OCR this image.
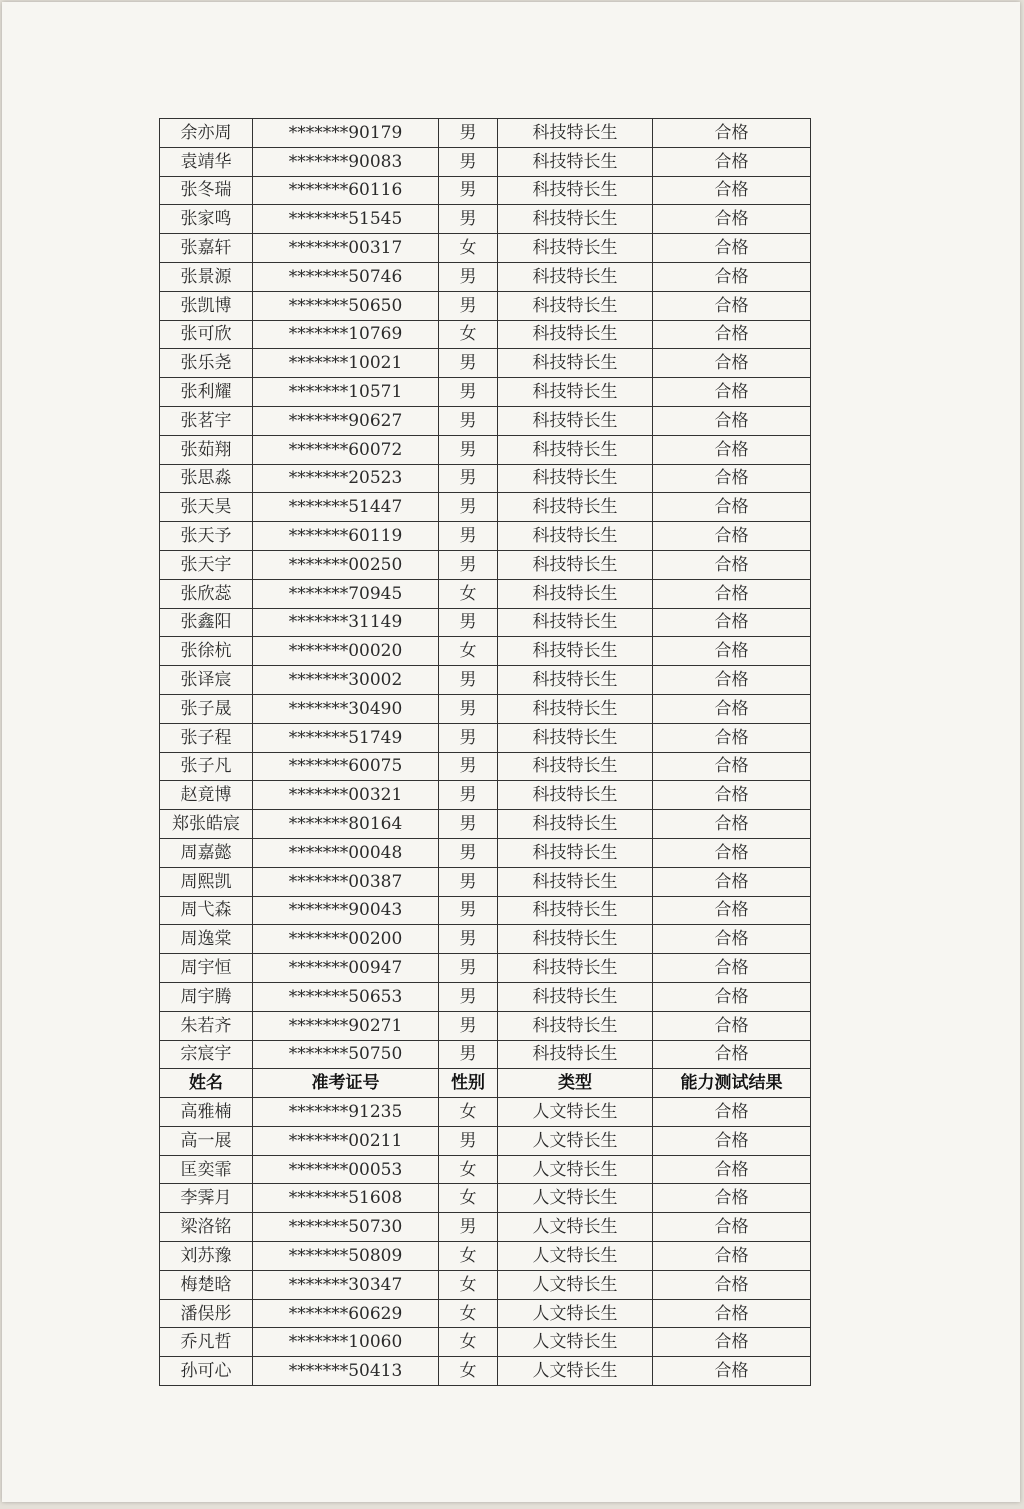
余亦周	*******90179	男	科技特长生	合格
袁靖华	*******90083	男	科技特长生	合格
张冬瑞	*******60116	男	科技特长生	合格
张家鸣	*******51545	男	科技特长生	合格
张嘉轩	*******00317	女	科技特长生	合格
张景源	*******50746	男	科技特长生	合格
张凯博	*******50650	男	科技特长生	合格
张可欣	*******10769	女	科技特长生	合格
张乐尧	*******10021	男	科技特长生	合格
张利耀	*******10571	男	科技特长生	合格
张茗宇	*******90627	男	科技特长生	合格
张茹翔	*******60072	男	科技特长生	合格
张思淼	*******20523	男	科技特长生	合格
张天昊	*******51447	男	科技特长生	合格
张天予	*******60119	男	科技特长生	合格
张天宇	*******00250	男	科技特长生	合格
张欣蕊	*******70945	女	科技特长生	合格
张鑫阳	*******31149	男	科技特长生	合格
张徐杭	*******00020	女	科技特长生	合格
张译宸	*******30002	男	科技特长生	合格
张子晟	*******30490	男	科技特长生	合格
张子程	*******51749	男	科技特长生	合格
张子凡	*******60075	男	科技特长生	合格
赵竟博	*******00321	男	科技特长生	合格
郑张皓宸	*******80164	男	科技特长生	合格
周嘉懿	*******00048	男	科技特长生	合格
周熙凯	*******00387	男	科技特长生	合格
周弋森	*******90043	男	科技特长生	合格
周逸棠	*******00200	男	科技特长生	合格
周宇恒	*******00947	男	科技特长生	合格
周宇腾	*******50653	男	科技特长生	合格
朱若齐	*******90271	男	科技特长生	合格
宗宸宇	*******50750	男	科技特长生	合格
姓名	准考证号	性别	类型	能力测试结果
高雅楠	*******91235	女	人文特长生	合格
高一展	*******00211	男	人文特长生	合格
匡奕霏	*******00053	女	人文特长生	合格
李霁月	*******51608	女	人文特长生	合格
梁洛铭	*******50730	男	人文特长生	合格
刘苏豫	*******50809	女	人文特长生	合格
梅楚晗	*******30347	女	人文特长生	合格
潘俣彤	*******60629	女	人文特长生	合格
乔凡哲	*******10060	女	人文特长生	合格
孙可心	*******50413	女	人文特长生	合格
